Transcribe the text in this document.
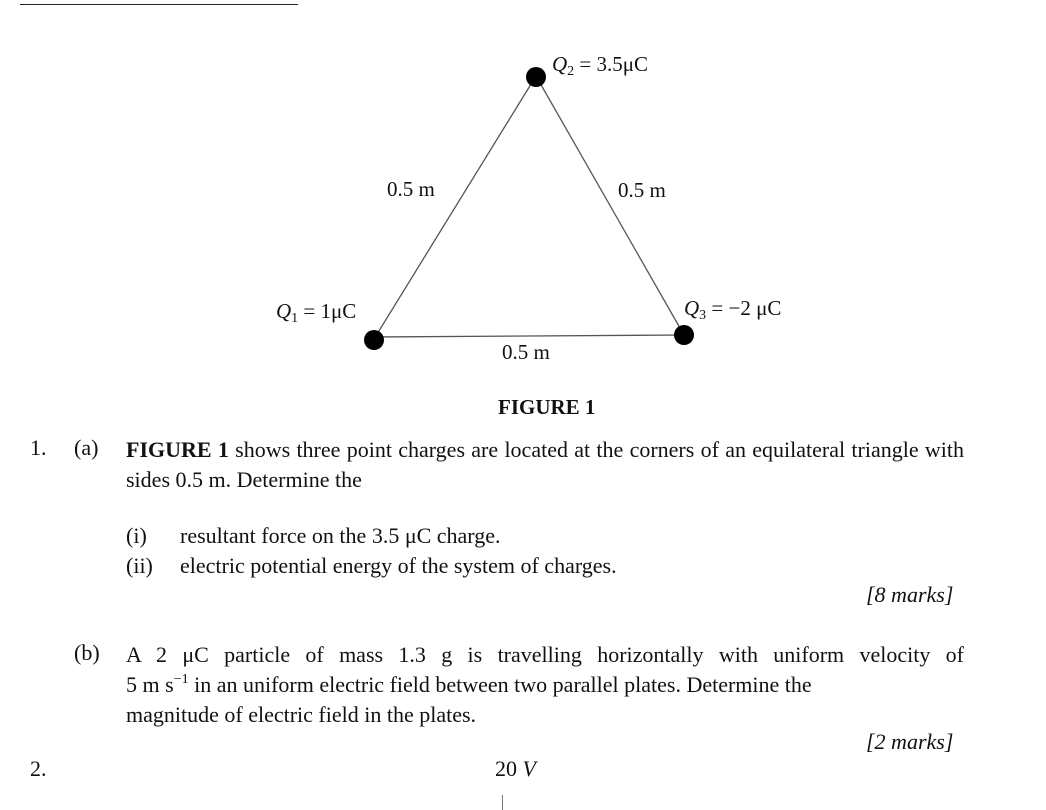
$Q_2 = 3.5\mu C$
$Q_1 = 1\mu C$	$Q_3 = -2$ μC
0.5 m	0.5 m
0.5 m
FIGURE 1
1. (a) FIGURE 1 shows three point charges are located at the corners of an equilateral triangle with sides 0.5 m. Determine the
(i) resultant force on the 3.5 μC charge.
(ii) electric potential energy of the system of charges.
[8 marks]
(b) A 2 μC particle of mass 1.3 g is travelling horizontally with uniform velocity of
5 m $s^{-1}$ in an uniform electric field between two parallel plates. Determine the
magnitude of electric field in the plates.
[2 marks]
2.	20 V
